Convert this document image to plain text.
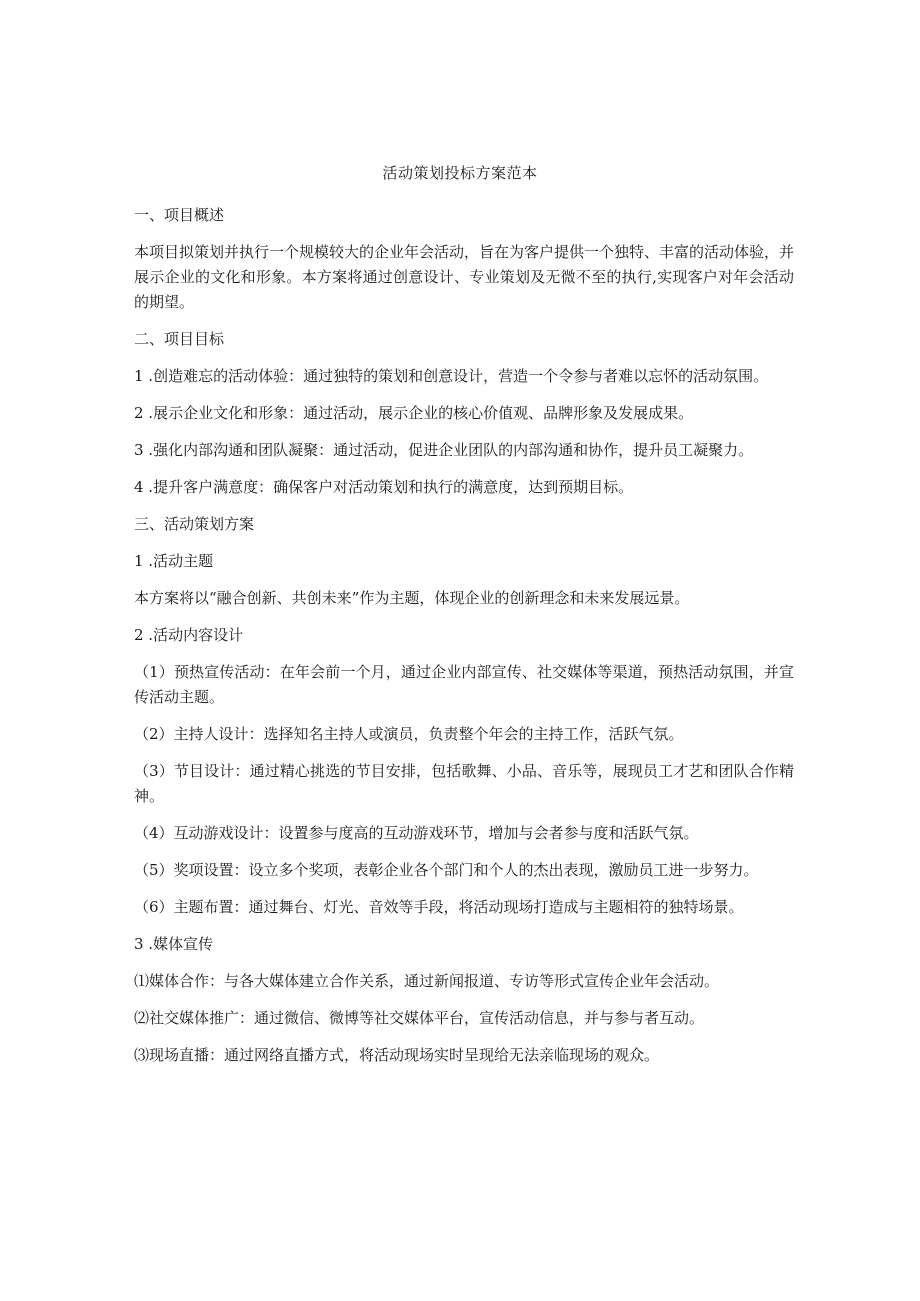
活动策划投标方案范本

一、项目概述

本项目拟策划并执行一个规模较大的企业年会活动，旨在为客户提供一个独特、丰富的活动体验，并展示企业的文化和形象。本方案将通过创意设计、专业策划及无微不至的执行,实现客户对年会活动的期望。

二、项目目标

1 .创造难忘的活动体验：通过独特的策划和创意设计，营造一个令参与者难以忘怀的活动氛围。

2 .展示企业文化和形象：通过活动，展示企业的核心价值观、品牌形象及发展成果。

3 .强化内部沟通和团队凝聚：通过活动，促进企业团队的内部沟通和协作，提升员工凝聚力。

4 .提升客户满意度：确保客户对活动策划和执行的满意度，达到预期目标。

三、活动策划方案

1 .活动主题

本方案将以“融合创新、共创未来”作为主题，体现企业的创新理念和未来发展远景。

2 .活动内容设计

（1）预热宣传活动：在年会前一个月，通过企业内部宣传、社交媒体等渠道，预热活动氛围，并宣传活动主题。

（2）主持人设计：选择知名主持人或演员，负责整个年会的主持工作，活跃气氛。

（3）节目设计：通过精心挑选的节目安排，包括歌舞、小品、音乐等，展现员工才艺和团队合作精神。

（4）互动游戏设计：设置参与度高的互动游戏环节，增加与会者参与度和活跃气氛。

（5）奖项设置：设立多个奖项，表彰企业各个部门和个人的杰出表现，激励员工进一步努力。

（6）主题布置：通过舞台、灯光、音效等手段，将活动现场打造成与主题相符的独特场景。

3 .媒体宣传

⑴媒体合作：与各大媒体建立合作关系，通过新闻报道、专访等形式宣传企业年会活动。

⑵社交媒体推广：通过微信、微博等社交媒体平台，宣传活动信息，并与参与者互动。

⑶现场直播：通过网络直播方式，将活动现场实时呈现给无法亲临现场的观众。
